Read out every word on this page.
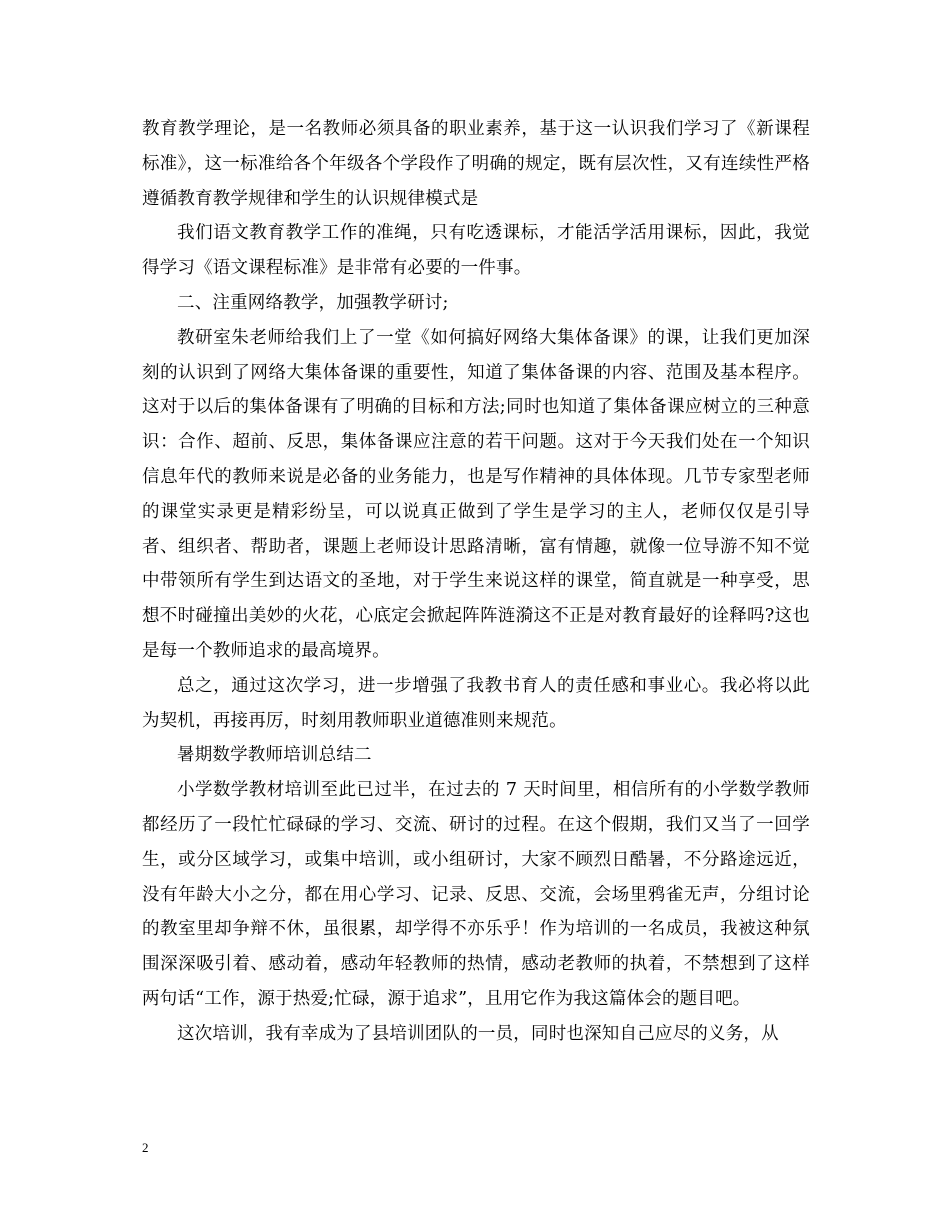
教育教学理论，是一名教师必须具备的职业素养，基于这一认识我们学习了《新课程标准》，这一标准给各个年级各个学段作了明确的规定，既有层次性，又有连续性严格遵循教育教学规律和学生的认识规律模式是

我们语文教育教学工作的准绳，只有吃透课标，才能活学活用课标，因此，我觉得学习《语文课程标准》是非常有必要的一件事。

二、注重网络教学，加强教学研讨;

教研室朱老师给我们上了一堂《如何搞好网络大集体备课》的课，让我们更加深刻的认识到了网络大集体备课的重要性，知道了集体备课的内容、范围及基本程序。这对于以后的集体备课有了明确的目标和方法;同时也知道了集体备课应树立的三种意识：合作、超前、反思，集体备课应注意的若干问题。这对于今天我们处在一个知识信息年代的教师来说是必备的业务能力，也是写作精神的具体体现。几节专家型老师的课堂实录更是精彩纷呈，可以说真正做到了学生是学习的主人，老师仅仅是引导者、组织者、帮助者，课题上老师设计思路清晰，富有情趣，就像一位导游不知不觉中带领所有学生到达语文的圣地，对于学生来说这样的课堂，简直就是一种享受，思想不时碰撞出美妙的火花，心底定会掀起阵阵涟漪这不正是对教育最好的诠释吗?这也是每一个教师追求的最高境界。

总之，通过这次学习，进一步增强了我教书育人的责任感和事业心。我必将以此为契机，再接再厉，时刻用教师职业道德准则来规范。

暑期数学教师培训总结二

小学数学教材培训至此已过半，在过去的 7 天时间里，相信所有的小学数学教师都经历了一段忙忙碌碌的学习、交流、研讨的过程。在这个假期，我们又当了一回学生，或分区域学习，或集中培训，或小组研讨，大家不顾烈日酷暑，不分路途远近，没有年龄大小之分，都在用心学习、记录、反思、交流，会场里鸦雀无声，分组讨论的教室里却争辩不休，虽很累，却学得不亦乐乎！作为培训的一名成员，我被这种氛围深深吸引着、感动着，感动年轻教师的热情，感动老教师的执着，不禁想到了这样两句话“工作，源于热爱;忙碌，源于追求”，且用它作为我这篇体会的题目吧。

这次培训，我有幸成为了县培训团队的一员，同时也深知自己应尽的义务，从

2
